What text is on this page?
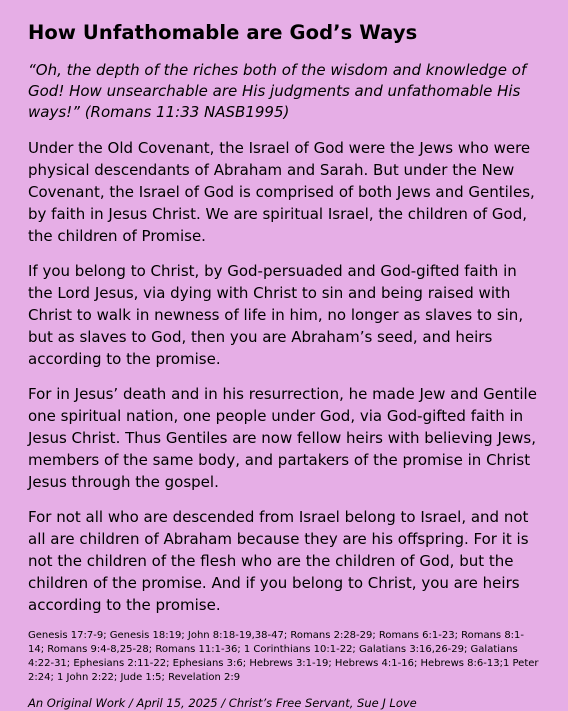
How Unfathomable are God’s Ways

“Oh, the depth of the riches both of the wisdom and knowledge of God! How unsearchable are His judgments and unfathomable His ways!” (Romans 11:33 NASB1995)

Under the Old Covenant, the Israel of God were the Jews who were physical descendants of Abraham and Sarah. But under the New Covenant, the Israel of God is comprised of both Jews and Gentiles, by faith in Jesus Christ. We are spiritual Israel, the children of God, the children of Promise.

If you belong to Christ, by God-persuaded and God-gifted faith in the Lord Jesus, via dying with Christ to sin and being raised with Christ to walk in newness of life in him, no longer as slaves to sin, but as slaves to God, then you are Abraham’s seed, and heirs according to the promise.

For in Jesus’ death and in his resurrection, he made Jew and Gentile one spiritual nation, one people under God, via God-gifted faith in Jesus Christ. Thus Gentiles are now fellow heirs with believing Jews, members of the same body, and partakers of the promise in Christ Jesus through the gospel.

For not all who are descended from Israel belong to Israel, and not all are children of Abraham because they are his offspring. For it is not the children of the flesh who are the children of God, but the children of the promise. And if you belong to Christ, you are heirs according to the promise.

Genesis 17:7-9; Genesis 18:19; John 8:18-19,38-47; Romans 2:28-29; Romans 6:1-23; Romans 8:1-14; Romans 9:4-8,25-28; Romans 11:1-36; 1 Corinthians 10:1-22; Galatians 3:16,26-29; Galatians 4:22-31; Ephesians 2:11-22; Ephesians 3:6; Hebrews 3:1-19; Hebrews 4:1-16; Hebrews 8:6-13;1 Peter 2:24; 1 John 2:22; Jude 1:5; Revelation 2:9

An Original Work / April 15, 2025 / Christ’s Free Servant, Sue J Love
